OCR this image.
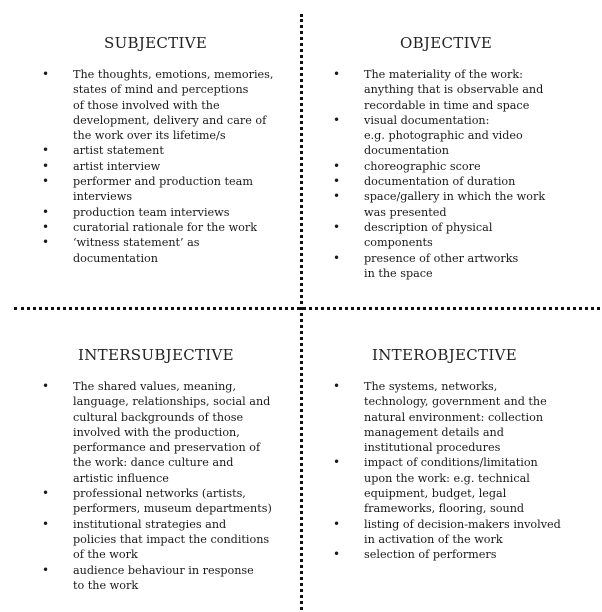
SUBJECTIVE
• The thoughts, emotions, memories,
states of mind and perceptions
of those involved with the
development, delivery and care of
the work over its lifetime/s
• artist statement
• artist interview
• performer and production team
interviews
• production team interviews
• curatorial rationale for the work
• ‘witness statement’ as
documentation
OBJECTIVE
• The materiality of the work:
anything that is observable and
recordable in time and space
• visual documentation:
e.g. photographic and video
documentation
• choreographic score
• documentation of duration
• space/gallery in which the work
was presented
• description of physical
components
• presence of other artworks
in the space
INTERSUBJECTIVE
• The shared values, meaning,
language, relationships, social and
cultural backgrounds of those
involved with the production,
performance and preservation of
the work: dance culture and
artistic influence
• professional networks (artists,
performers, museum departments)
• institutional strategies and
policies that impact the conditions
of the work
• audience behaviour in response
to the work
INTEROBJECTIVE
• The systems, networks,
technology, government and the
natural environment: collection
management details and
institutional procedures
• impact of conditions/limitation
upon the work: e.g. technical
equipment, budget, legal
frameworks, flooring, sound
• listing of decision-makers involved
in activation of the work
• selection of performers
